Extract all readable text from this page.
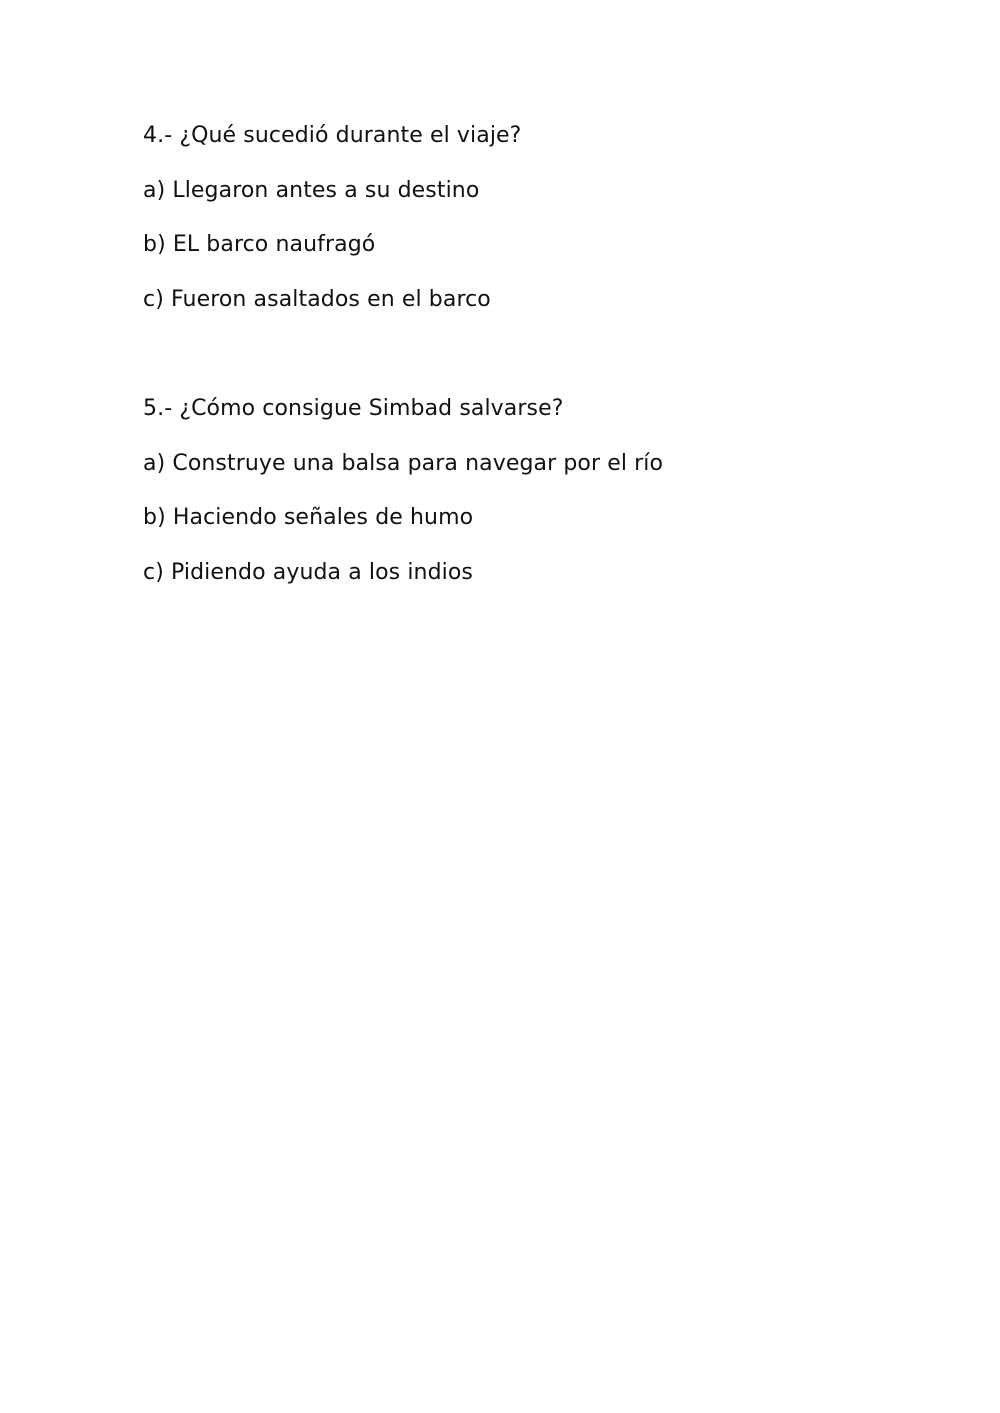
4.- ¿Qué sucedió durante el viaje?
a) Llegaron antes a su destino
b) EL barco naufragó
c) Fueron asaltados en el barco
5.- ¿Cómo consigue Simbad salvarse?
a) Construye una balsa para navegar por el río
b) Haciendo señales de humo
c) Pidiendo ayuda a los indios
